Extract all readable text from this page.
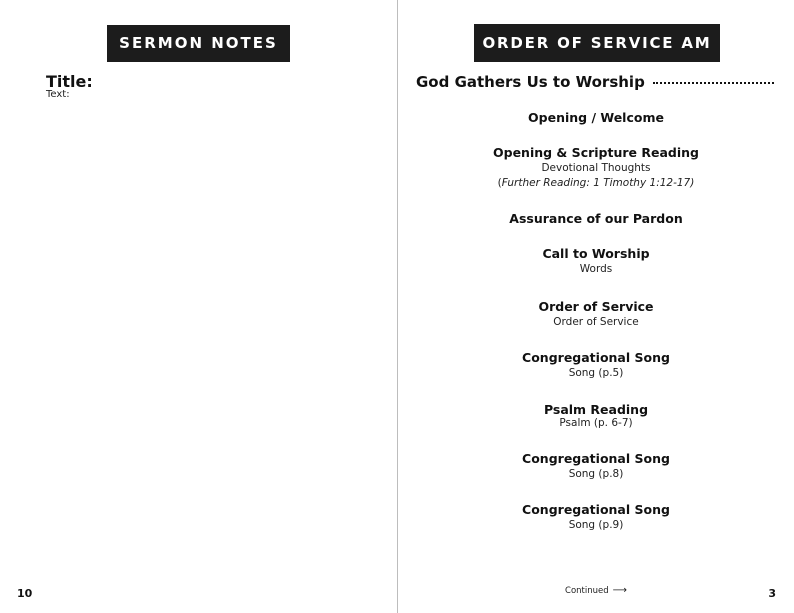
SERMON NOTES
Title:
Text:
10
ORDER OF SERVICE AM
God Gathers Us to Worship
Opening / Welcome
Opening & Scripture Reading
Devotional Thoughts
(Further Reading: 1 Timothy 1:12-17)
Assurance of our Pardon
Call to Worship
Words
Order of Service
Order of Service
Congregational Song
Song (p.5)
Psalm Reading
Psalm (p. 6-7)
Congregational Song
Song (p.8)
Congregational Song
Song (p.9)
Continued ⟶	3
